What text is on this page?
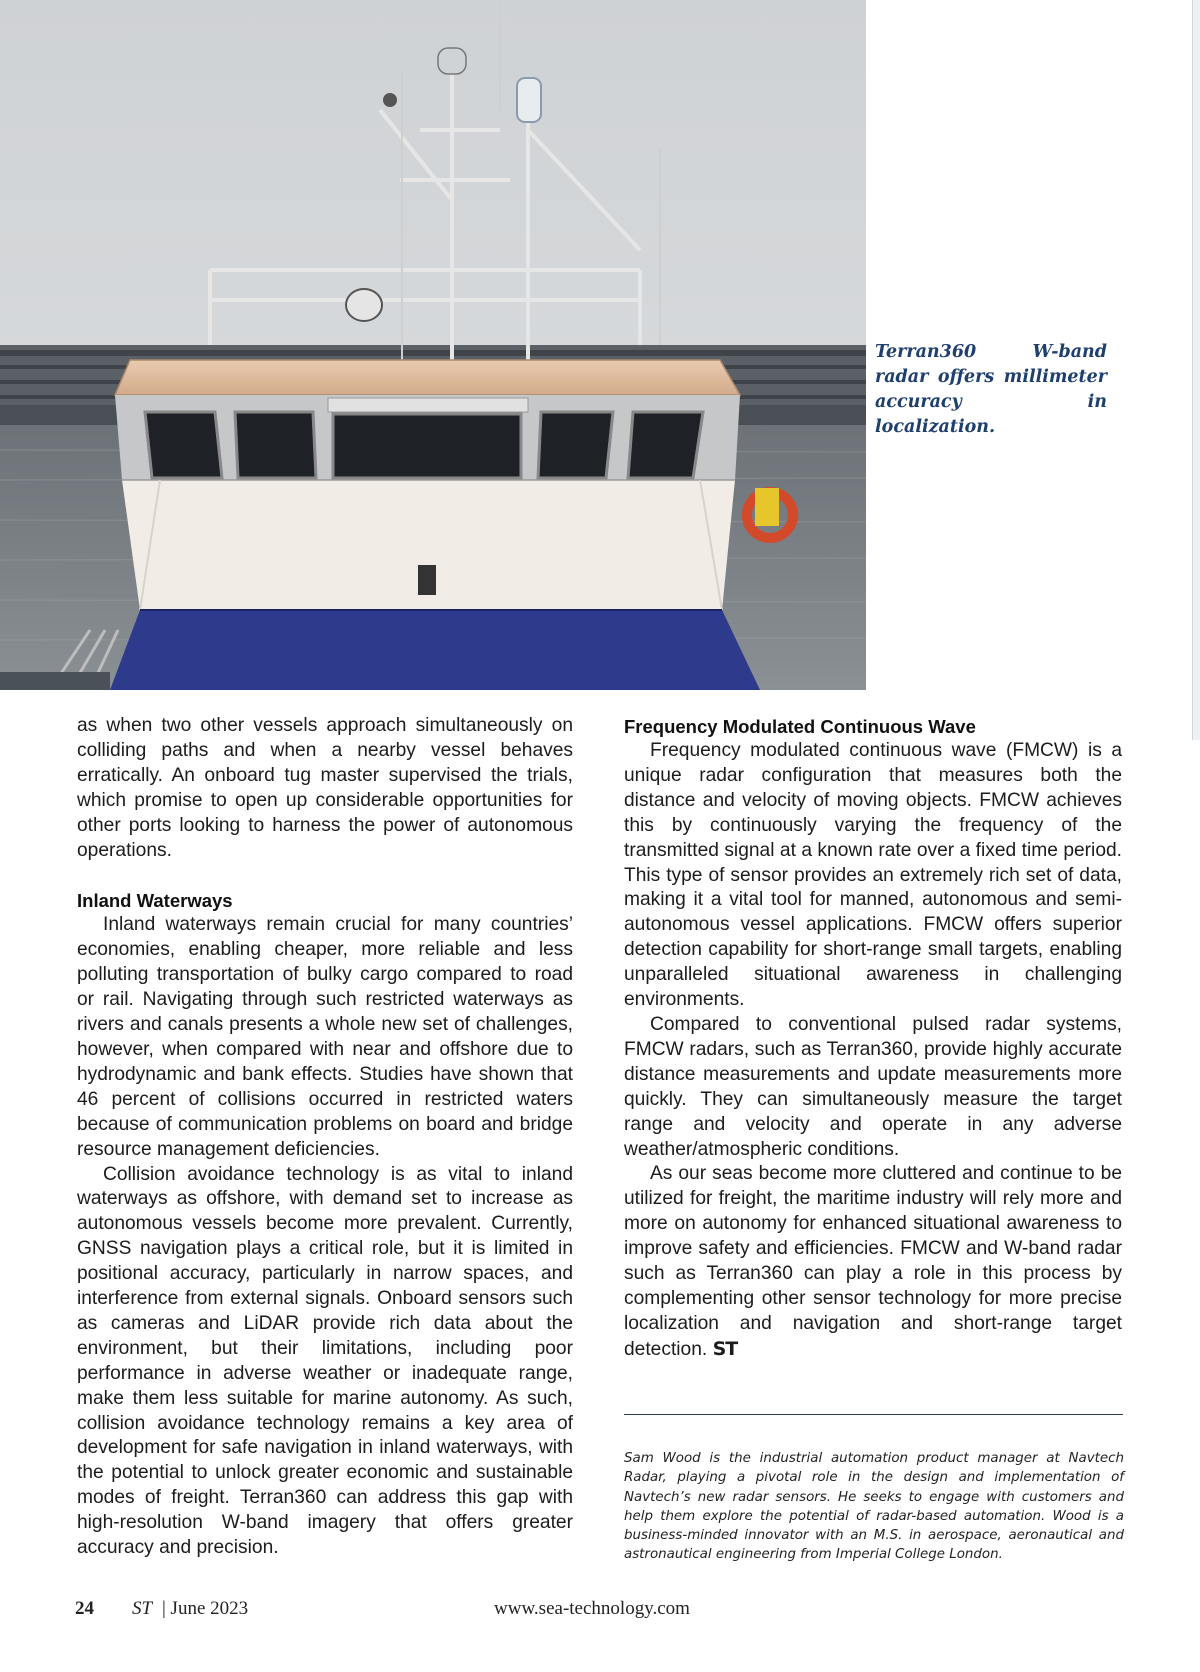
Terran360 W-band radar offers millimeter accuracy in localization.

as when two other vessels approach simultaneously on colliding paths and when a nearby vessel behaves erratically. An onboard tug master supervised the trials, which promise to open up considerable opportunities for other ports looking to harness the power of autonomous operations.

Inland Waterways

Inland waterways remain crucial for many countries’ economies, enabling cheaper, more reliable and less polluting transportation of bulky cargo compared to road or rail. Navigating through such restricted waterways as rivers and canals presents a whole new set of challenges, however, when compared with near and offshore due to hydrodynamic and bank effects. Studies have shown that 46 percent of collisions occurred in restricted waters because of communication problems on board and bridge resource management deficiencies.

Collision avoidance technology is as vital to inland waterways as offshore, with demand set to increase as autonomous vessels become more prevalent. Currently, GNSS navigation plays a critical role, but it is limited in positional accuracy, particularly in narrow spaces, and interference from external signals. Onboard sensors such as cameras and LiDAR provide rich data about the environment, but their limitations, including poor performance in adverse weather or inadequate range, make them less suitable for marine autonomy. As such, collision avoidance technology remains a key area of development for safe navigation in inland waterways, with the potential to unlock greater economic and sustainable modes of freight. Terran360 can address this gap with high-resolution W-band imagery that offers greater accuracy and precision.

Frequency Modulated Continuous Wave

Frequency modulated continuous wave (FMCW) is a unique radar configuration that measures both the distance and velocity of moving objects. FMCW achieves this by continuously varying the frequency of the transmitted signal at a known rate over a fixed time period. This type of sensor provides an extremely rich set of data, making it a vital tool for manned, autonomous and semi-autonomous vessel applications. FMCW offers superior detection capability for short-range small targets, enabling unparalleled situational awareness in challenging environments.

Compared to conventional pulsed radar systems, FMCW radars, such as Terran360, provide highly accurate distance measurements and update measurements more quickly. They can simultaneously measure the target range and velocity and operate in any adverse weather/atmospheric conditions.

As our seas become more cluttered and continue to be utilized for freight, the maritime industry will rely more and more on autonomy for enhanced situational awareness to improve safety and efficiencies. FMCW and W-band radar such as Terran360 can play a role in this process by complementing other sensor technology for more precise localization and navigation and short-range target detection. ST

Sam Wood is the industrial automation product manager at Navtech Radar, playing a pivotal role in the design and implementation of Navtech’s new radar sensors. He seeks to engage with customers and help them explore the potential of radar-based automation. Wood is a business-minded innovator with an M.S. in aerospace, aeronautical and astronautical engineering from Imperial College London.
24 ST | June 2023	www.sea-technology.com
